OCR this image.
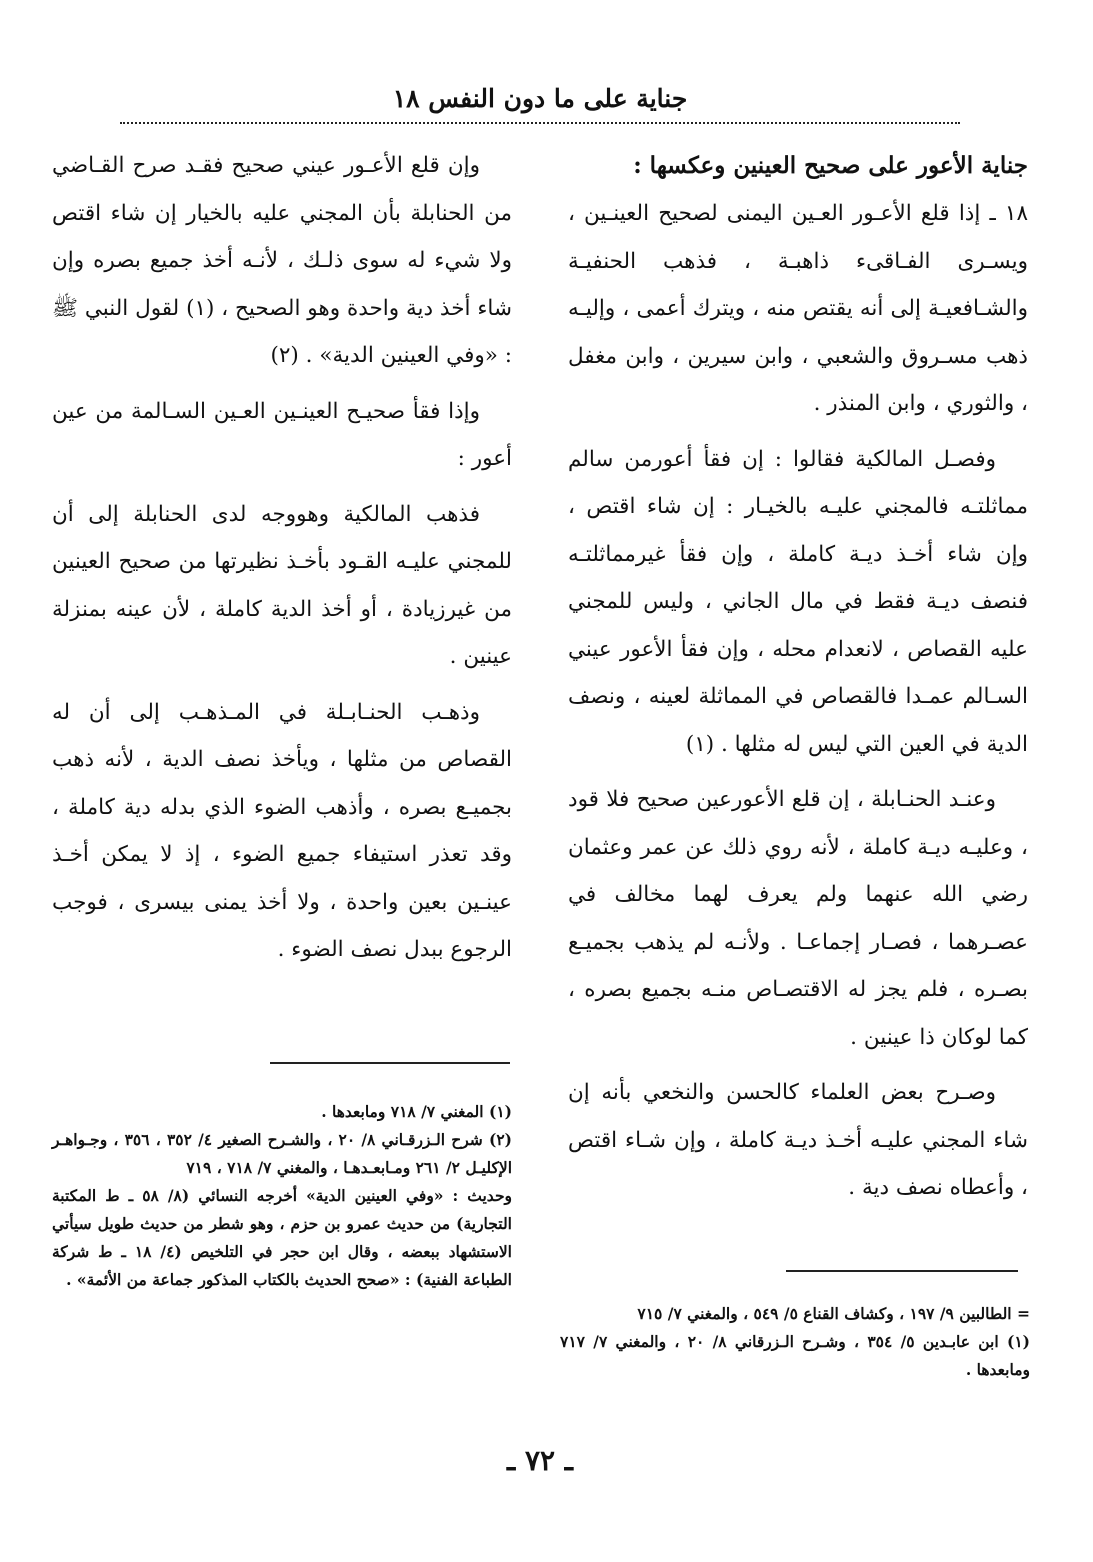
جناية على ما دون النفس ١٨

جناية الأعور على صحيح العينين وعكسها :

١٨ ـ إذا قلع الأعـور العـين اليمنى لصحيح العينـين ، ويسـرى الفـاقىء ذاهبـة ، فذهب الحنفيـة والشـافعيـة إلى أنه يقتص منه ، ويترك أعمى ، وإليـه ذهب مسـروق والشعبي ، وابن سيرين ، وابن مغفل ، والثوري ، وابن المنذر .

وفصـل المالكية فقالوا : إن فقأ أعورمن سالم مماثلتـه فالمجني عليـه بالخيـار : إن شاء اقتص ، وإن شاء أخـذ ديـة كاملة ، وإن فقأ غيرمماثلتـه فنصف ديـة فقط في مال الجاني ، وليس للمجني عليه القصاص ، لانعدام محله ، وإن فقأ الأعور عيني السـالم عمـدا فالقصاص في المماثلة لعينه ، ونصف الدية في العين التي ليس له مثلها . (١)

وعنـد الحنـابلة ، إن قلع الأعورعين صحيح فلا قود ، وعليـه ديـة كاملة ، لأنه روي ذلك عن عمر وعثمان رضي الله عنهما ولم يعرف لهما مخالف في عصـرهما ، فصـار إجماعـا . ولأنـه لم يذهب بجميـع بصـره ، فلم يجز له الاقتصـاص منـه بجميع بصره ، كما لوكان ذا عينين .

وصـرح بعض العلماء كالحسن والنخعي بأنه إن شاء المجني عليـه أخـذ ديـة كاملة ، وإن شـاء اقتص ، وأعطاه نصف دية .

وإن قلع الأعـور عيني صحيح فقـد صرح القـاضي من الحنابلة بأن المجني عليه بالخيار إن شاء اقتص ولا شيء له سوى ذلـك ، لأنـه أخذ جميع بصره وإن شاء أخذ دية واحدة وهو الصحيح ، (١) لقول النبي ﷺ : «وفي العينين الدية» . (٢)

وإذا فقأ صحيـح العينـين العـين السـالمة من عين أعور :

فذهب المالكية وهووجه لدى الحنابلة إلى أن للمجني عليـه القـود بأخـذ نظيرتها من صحيح العينين من غيرزيادة ، أو أخذ الدية كاملة ، لأن عينه بمنزلة عينين .

وذهـب الحنـابـلة في المـذهـب إلى أن له القصاص من مثلها ، ويأخذ نصف الدية ، لأنه ذهب بجميـع بصره ، وأذهب الضوء الذي بدله دية كاملة ، وقد تعذر استيفاء جميع الضوء ، إذ لا يمكن أخـذ عينـين بعين واحدة ، ولا أخذ يمنى بيسرى ، فوجب الرجوع ببدل نصف الضوء .

= الطالبين ٩/ ١٩٧ ، وكشاف القناع ٥/ ٥٤٩ ، والمغني ٧/ ٧١٥

(١) ابن عابـدين ٥/ ٣٥٤ ، وشـرح الـزرقاني ٨/ ٢٠ ، والمغني ٧/ ٧١٧ ومابعدها .

(١) المغني ٧/ ٧١٨ ومابعدها .

(٢) شرح الـزرقـاني ٨/ ٢٠ ، والشـرح الصغير ٤/ ٣٥٢ ، ٣٥٦ ، وجـواهـر الإكليـل ٢/ ٢٦١ ومـابعـدهـا ، والمغني ٧/ ٧١٨ ، ٧١٩

وحديث : «وفي العينين الدية» أخرجه النسائي (٨/ ٥٨ ـ ط المكتبة التجارية) من حديث عمرو بن حزم ، وهو شطر من حديث طويل سيأتي الاستشهاد ببعضه ، وقال ابن حجر في التلخيص (٤/ ١٨ ـ ط شركة الطباعة الفنية) : «صحح الحديث بالكتاب المذكور جماعة من الأئمة» .

ـ ٧٢ ـ
